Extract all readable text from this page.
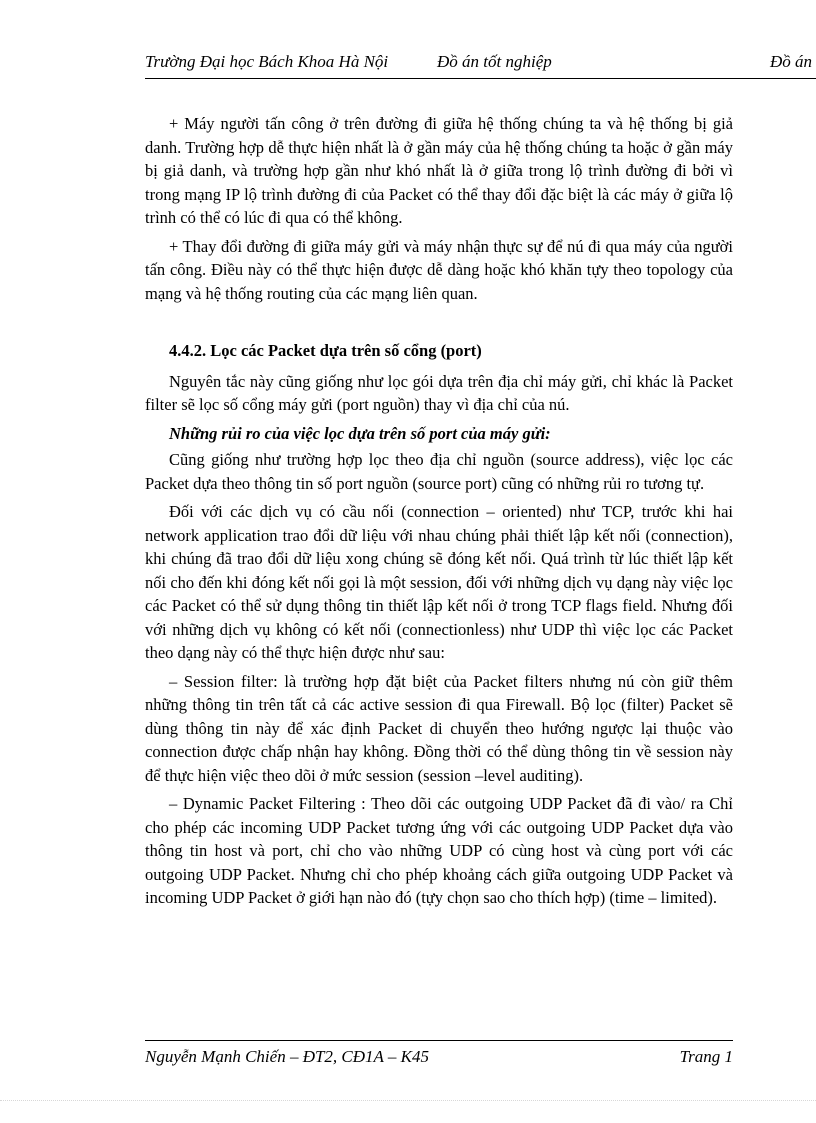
Trường Đại học Bách Khoa Hà Nội	Đồ án tốt nghiệp	Đồ án

+ Máy người tấn công ở trên đường đi giữa hệ thống chúng ta và hệ thống bị giả danh. Trường hợp dễ thực hiện nhất là ở gần máy của hệ thống chúng ta hoặc ở gần máy bị giả danh, và trường hợp gần như khó nhất là ở giữa trong lộ trình đường đi bởi vì trong mạng IP lộ trình đường đi của Packet có thể thay đổi đặc biệt là các máy ở giữa lộ trình có thể có lúc đi qua có thể không.

+ Thay đổi đường đi giữa máy gửi và máy nhận thực sự để nú đi qua máy của người tấn công. Điều này có thể thực hiện được dễ dàng hoặc khó khăn tựy theo topology của mạng và hệ thống routing của các mạng liên quan.

4.4.2. Lọc các Packet dựa trên số cổng (port)

Nguyên tắc này cũng giống như lọc gói dựa trên địa chỉ máy gửi, chỉ khác là Packet filter sẽ lọc số cổng máy gửi (port nguồn) thay vì địa chỉ của nú.

Những rủi ro của việc lọc dựa trên số port của máy gửi:

Cũng giống như trường hợp lọc theo địa chỉ nguồn (source address), việc lọc các Packet dựa theo thông tin số port nguồn (source port) cũng có những rủi ro tương tự.

Đối với các dịch vụ có cầu nối (connection – oriented) như TCP, trước khi hai network application trao đổi dữ liệu với nhau chúng phải thiết lập kết nối (connection), khi chúng đã trao đổi dữ liệu xong chúng sẽ đóng kết nối. Quá trình từ lúc thiết lập kết nối cho đến khi đóng kết nối gọi là một session, đối với những dịch vụ dạng này việc lọc các Packet có thể sử dụng thông tin thiết lập kết nối ở trong TCP flags field. Nhưng đối với những dịch vụ không có kết nối (connectionless) như UDP thì việc lọc các Packet theo dạng này có thể thực hiện được như sau:

– Session filter: là trường hợp đặt biệt của Packet filters nhưng nú còn giữ thêm những thông tin trên tất cả các active session đi qua Firewall. Bộ lọc (filter) Packet sẽ dùng thông tin này để xác định Packet di chuyển theo hướng ngược lại thuộc vào connection được chấp nhận hay không. Đồng thời có thể dùng thông tin về session này để thực hiện việc theo dõi ở mức session (session –level auditing).

– Dynamic Packet Filtering : Theo dõi các outgoing UDP Packet đã đi vào/ ra Chỉ cho phép các incoming UDP Packet tương ứng với các outgoing UDP Packet dựa vào thông tin host và port, chỉ cho vào những UDP có cùng host và cùng port với các outgoing UDP Packet. Nhưng chỉ cho phép khoảng cách giữa outgoing UDP Packet và incoming UDP Packet ở giới hạn nào đó (tựy chọn sao cho thích hợp) (time – limited).

Nguyễn Mạnh Chiến – ĐT2, CĐ1A – K45	Trang 1
